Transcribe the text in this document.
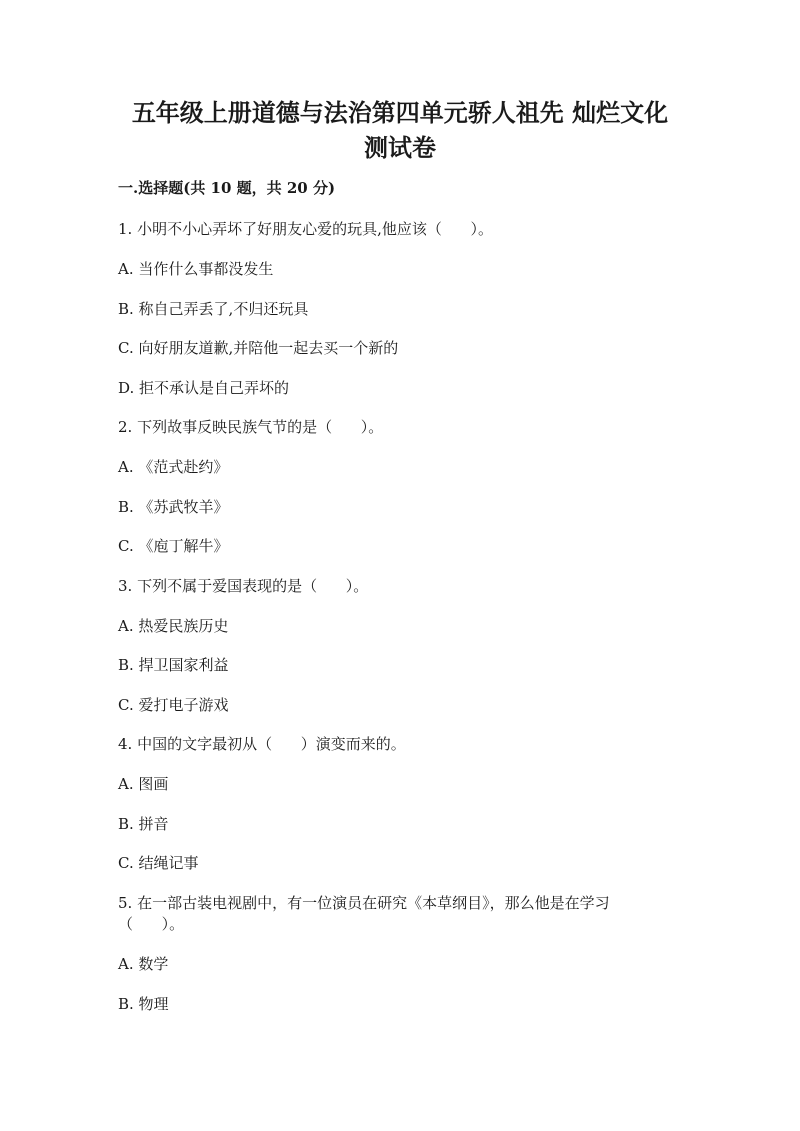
五年级上册道德与法治第四单元骄人祖先 灿烂文化
测试卷
一.选择题(共 10 题，共 20 分)
1. 小明不小心弄坏了好朋友心爱的玩具,他应该（      ）。
A. 当作什么事都没发生
B. 称自己弄丢了,不归还玩具
C. 向好朋友道歉,并陪他一起去买一个新的
D. 拒不承认是自己弄坏的
2. 下列故事反映民族气节的是（      ）。
A. 《范式赴约》
B. 《苏武牧羊》
C. 《庖丁解牛》
3. 下列不属于爱国表现的是（      ）。
A. 热爱民族历史
B. 捍卫国家利益
C. 爱打电子游戏
4. 中国的文字最初从（      ）演变而来的。
A. 图画
B. 拼音
C. 结绳记事
5. 在一部古装电视剧中，有一位演员在研究《本草纲目》，那么他是在学习
（      ）。
A. 数学
B. 物理
